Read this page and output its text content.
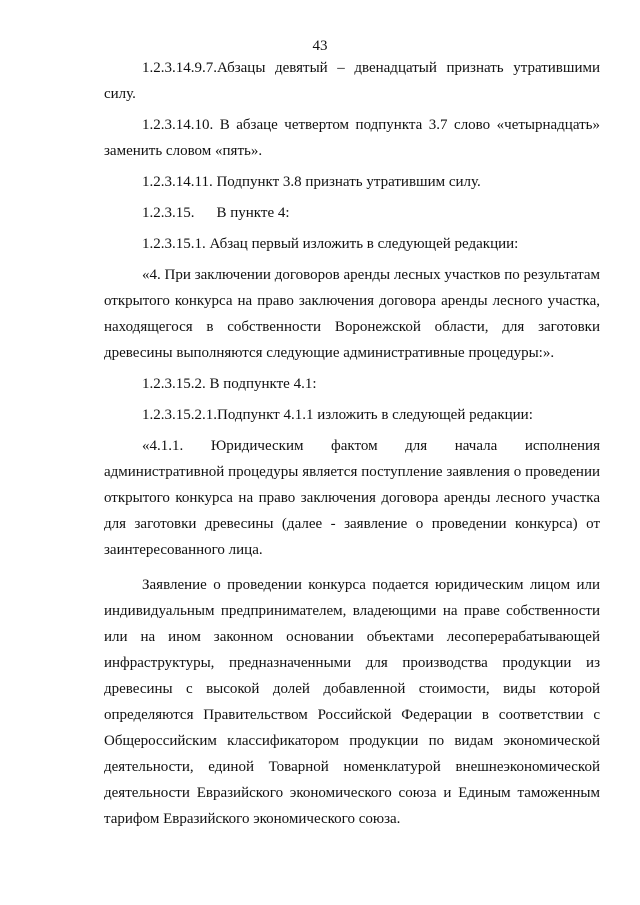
43

1.2.3.14.9.7.Абзацы девятый – двенадцатый признать утратившими силу.

1.2.3.14.10. В абзаце четвертом подпункта 3.7 слово «четырнадцать» заменить словом «пять».

1.2.3.14.11. Подпункт 3.8 признать утратившим силу.

1.2.3.15. В пункте 4:

1.2.3.15.1. Абзац первый изложить в следующей редакции:

«4. При заключении договоров аренды лесных участков по результатам открытого конкурса на право заключения договора аренды лесного участка, находящегося в собственности Воронежской области, для заготовки древесины выполняются следующие административные процедуры:».

1.2.3.15.2. В подпункте 4.1:

1.2.3.15.2.1.Подпункт 4.1.1 изложить в следующей редакции:

«4.1.1. Юридическим фактом для начала исполнения административной процедуры является поступление заявления о проведении открытого конкурса на право заключения договора аренды лесного участка для заготовки древесины (далее - заявление о проведении конкурса) от заинтересованного лица.

Заявление о проведении конкурса подается юридическим лицом или индивидуальным предпринимателем, владеющими на праве собственности или на ином законном основании объектами лесоперерабатывающей инфраструктуры, предназначенными для производства продукции из древесины с высокой долей добавленной стоимости, виды которой определяются Правительством Российской Федерации в соответствии с Общероссийским классификатором продукции по видам экономической деятельности, единой Товарной номенклатурой внешнеэкономической деятельности Евразийского экономического союза и Единым таможенным тарифом Евразийского экономического союза.
